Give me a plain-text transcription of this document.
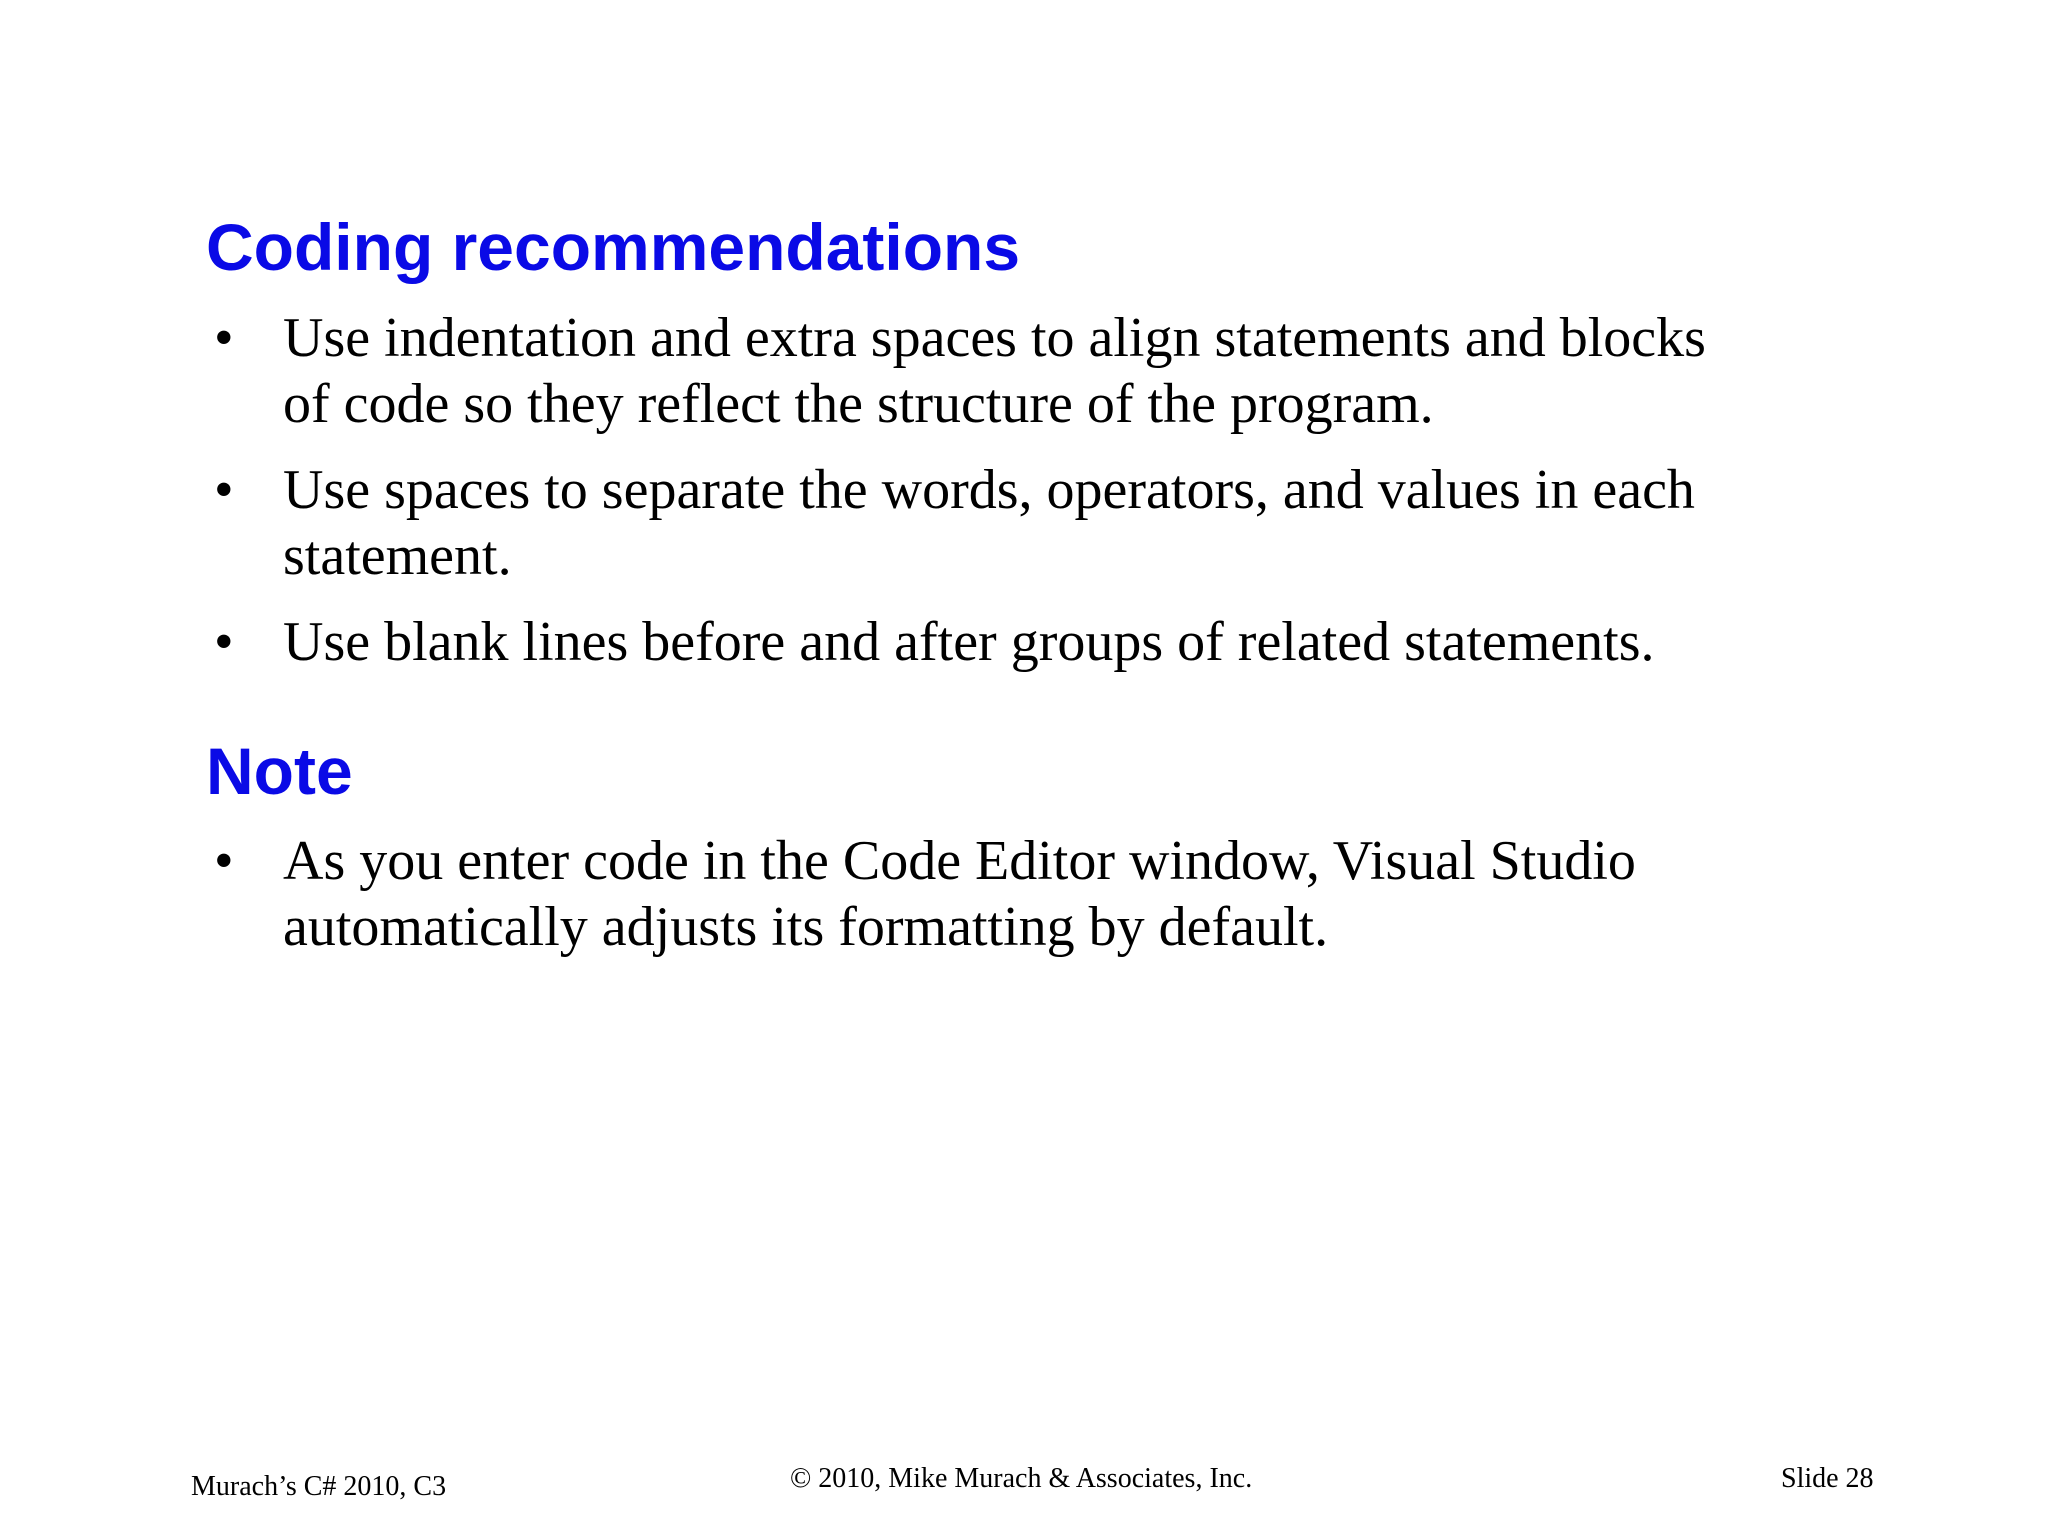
Coding recommendations
• Use indentation and extra spaces to align statements and blocks of code so they reflect the structure of the program.
• Use spaces to separate the words, operators, and values in each statement.
• Use blank lines before and after groups of related statements.
Note
• As you enter code in the Code Editor window, Visual Studio automatically adjusts its formatting by default.
Murach’s C# 2010, C3	© 2010, Mike Murach & Associates, Inc.	Slide 28
